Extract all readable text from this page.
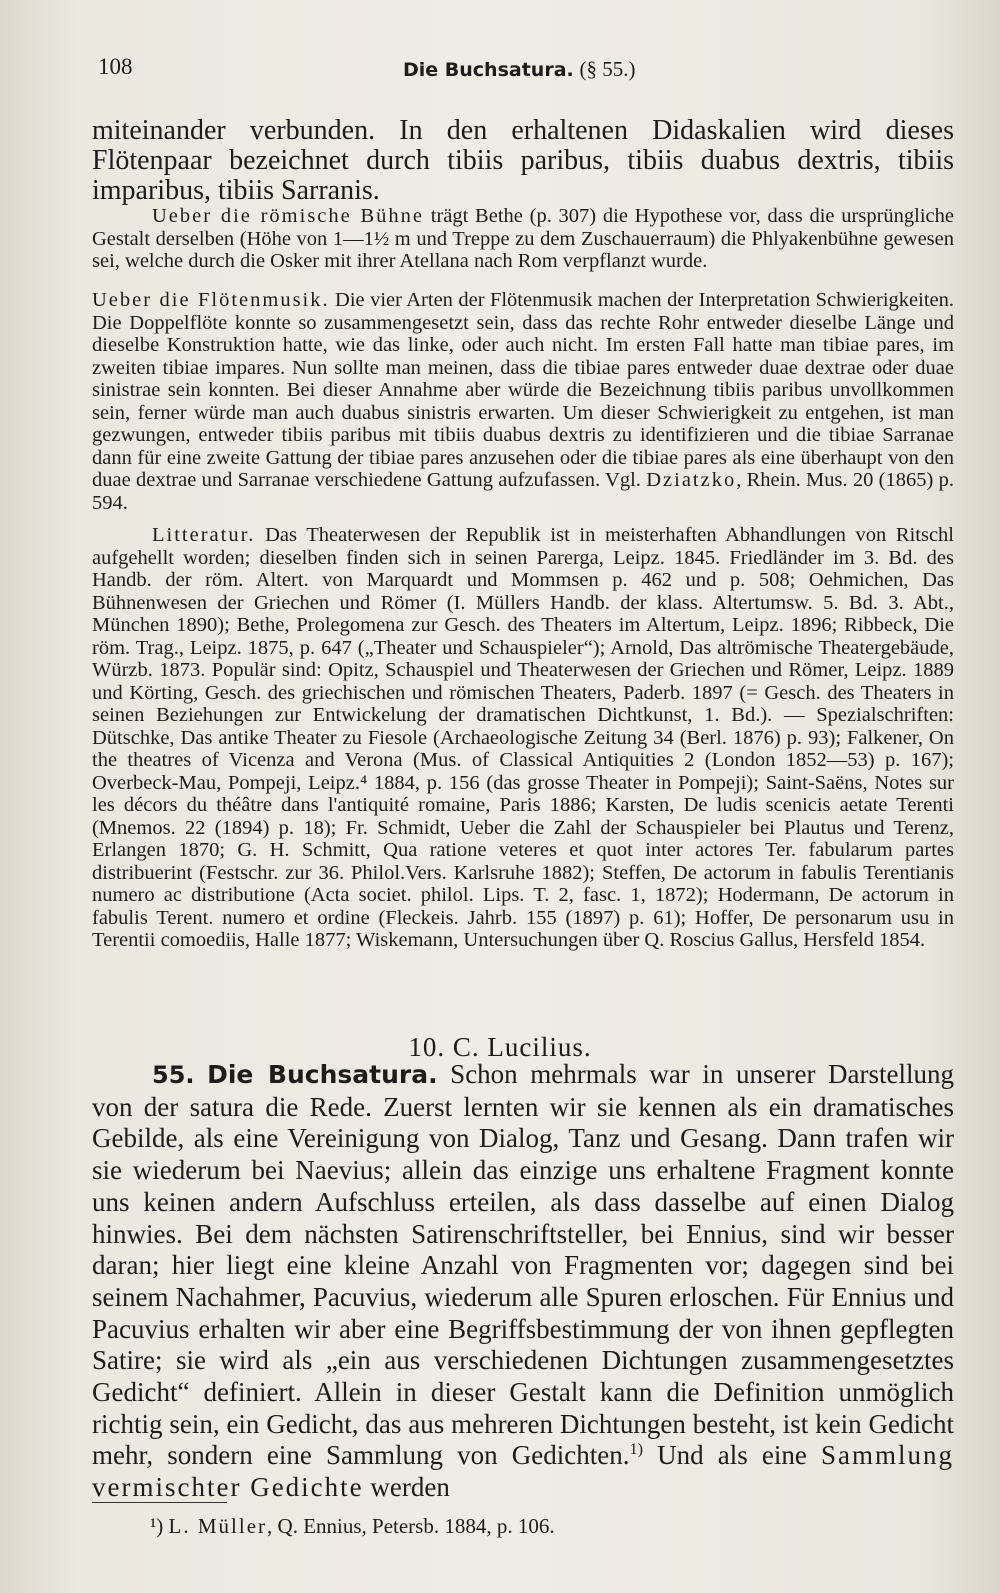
108	Die Buchsatura. (§ 55.)

miteinander verbunden. In den erhaltenen Didaskalien wird dieses Flötenpaar bezeichnet durch tibiis paribus, tibiis duabus dextris, tibiis imparibus, tibiis Sarranis.

Ueber die römische Bühne trägt Bethe (p. 307) die Hypothese vor, dass die ursprüngliche Gestalt derselben (Höhe von 1—1½ m und Treppe zu dem Zuschauerraum) die Phlyakenbühne gewesen sei, welche durch die Osker mit ihrer Atellana nach Rom verpflanzt wurde.

Ueber die Flötenmusik. Die vier Arten der Flötenmusik machen der Interpretation Schwierigkeiten. Die Doppelflöte konnte so zusammengesetzt sein, dass das rechte Rohr entweder dieselbe Länge und dieselbe Konstruktion hatte, wie das linke, oder auch nicht. Im ersten Fall hatte man tibiae pares, im zweiten tibiae impares. Nun sollte man meinen, dass die tibiae pares entweder duae dextrae oder duae sinistrae sein konnten. Bei dieser Annahme aber würde die Bezeichnung tibiis paribus unvollkommen sein, ferner würde man auch duabus sinistris erwarten. Um dieser Schwierigkeit zu entgehen, ist man gezwungen, entweder tibiis paribus mit tibiis duabus dextris zu identifizieren und die tibiae Sarranae dann für eine zweite Gattung der tibiae pares anzusehen oder die tibiae pares als eine überhaupt von den duae dextrae und Sarranae verschiedene Gattung aufzufassen. Vgl. Dziatzko, Rhein. Mus. 20 (1865) p. 594.

Litteratur. Das Theaterwesen der Republik ist in meisterhaften Abhandlungen von Ritschl aufgehellt worden; dieselben finden sich in seinen Parerga, Leipz. 1845. Friedländer im 3. Bd. des Handb. der röm. Altert. von Marquardt und Mommsen p. 462 und p. 508; Oehmichen, Das Bühnenwesen der Griechen und Römer (I. Müllers Handb. der klass. Altertumsw. 5. Bd. 3. Abt., München 1890); Bethe, Prolegomena zur Gesch. des Theaters im Altertum, Leipz. 1896; Ribbeck, Die röm. Trag., Leipz. 1875, p. 647 („Theater und Schauspieler“); Arnold, Das altrömische Theatergebäude, Würzb. 1873. Populär sind: Opitz, Schauspiel und Theaterwesen der Griechen und Römer, Leipz. 1889 und Körting, Gesch. des griechischen und römischen Theaters, Paderb. 1897 (= Gesch. des Theaters in seinen Beziehungen zur Entwickelung der dramatischen Dichtkunst, 1. Bd.). — Spezialschriften: Dütschke, Das antike Theater zu Fiesole (Archaeologische Zeitung 34 (Berl. 1876) p. 93); Falkener, On the theatres of Vicenza and Verona (Mus. of Classical Antiquities 2 (London 1852—53) p. 167); Overbeck-Mau, Pompeji, Leipz.⁴ 1884, p. 156 (das grosse Theater in Pompeji); Saint-Saëns, Notes sur les décors du théâtre dans l'antiquité romaine, Paris 1886; Karsten, De ludis scenicis aetate Terenti (Mnemos. 22 (1894) p. 18); Fr. Schmidt, Ueber die Zahl der Schauspieler bei Plautus und Terenz, Erlangen 1870; G. H. Schmitt, Qua ratione veteres et quot inter actores Ter. fabularum partes distribuerint (Festschr. zur 36. Philol.Vers. Karlsruhe 1882); Steffen, De actorum in fabulis Terentianis numero ac distributione (Acta societ. philol. Lips. T. 2, fasc. 1, 1872); Hodermann, De actorum in fabulis Terent. numero et ordine (Fleckeis. Jahrb. 155 (1897) p. 61); Hoffer, De personarum usu in Terentii comoediis, Halle 1877; Wiskemann, Untersuchungen über Q. Roscius Gallus, Hersfeld 1854.

10. C. Lucilius.

55. Die Buchsatura. Schon mehrmals war in unserer Darstellung von der satura die Rede. Zuerst lernten wir sie kennen als ein dramatisches Gebilde, als eine Vereinigung von Dialog, Tanz und Gesang. Dann trafen wir sie wiederum bei Naevius; allein das einzige uns erhaltene Fragment konnte uns keinen andern Aufschluss erteilen, als dass dasselbe auf einen Dialog hinwies. Bei dem nächsten Satirenschriftsteller, bei Ennius, sind wir besser daran; hier liegt eine kleine Anzahl von Fragmenten vor; dagegen sind bei seinem Nachahmer, Pacuvius, wiederum alle Spuren erloschen. Für Ennius und Pacuvius erhalten wir aber eine Begriffsbestimmung der von ihnen gepflegten Satire; sie wird als „ein aus verschiedenen Dichtungen zusammengesetztes Gedicht“ definiert. Allein in dieser Gestalt kann die Definition unmöglich richtig sein, ein Gedicht, das aus mehreren Dichtungen besteht, ist kein Gedicht mehr, sondern eine Sammlung von Gedichten.$^{1)}$ Und als eine Sammlung vermischter Gedichte werden

¹) L. Müller, Q. Ennius, Petersb. 1884, p. 106.
